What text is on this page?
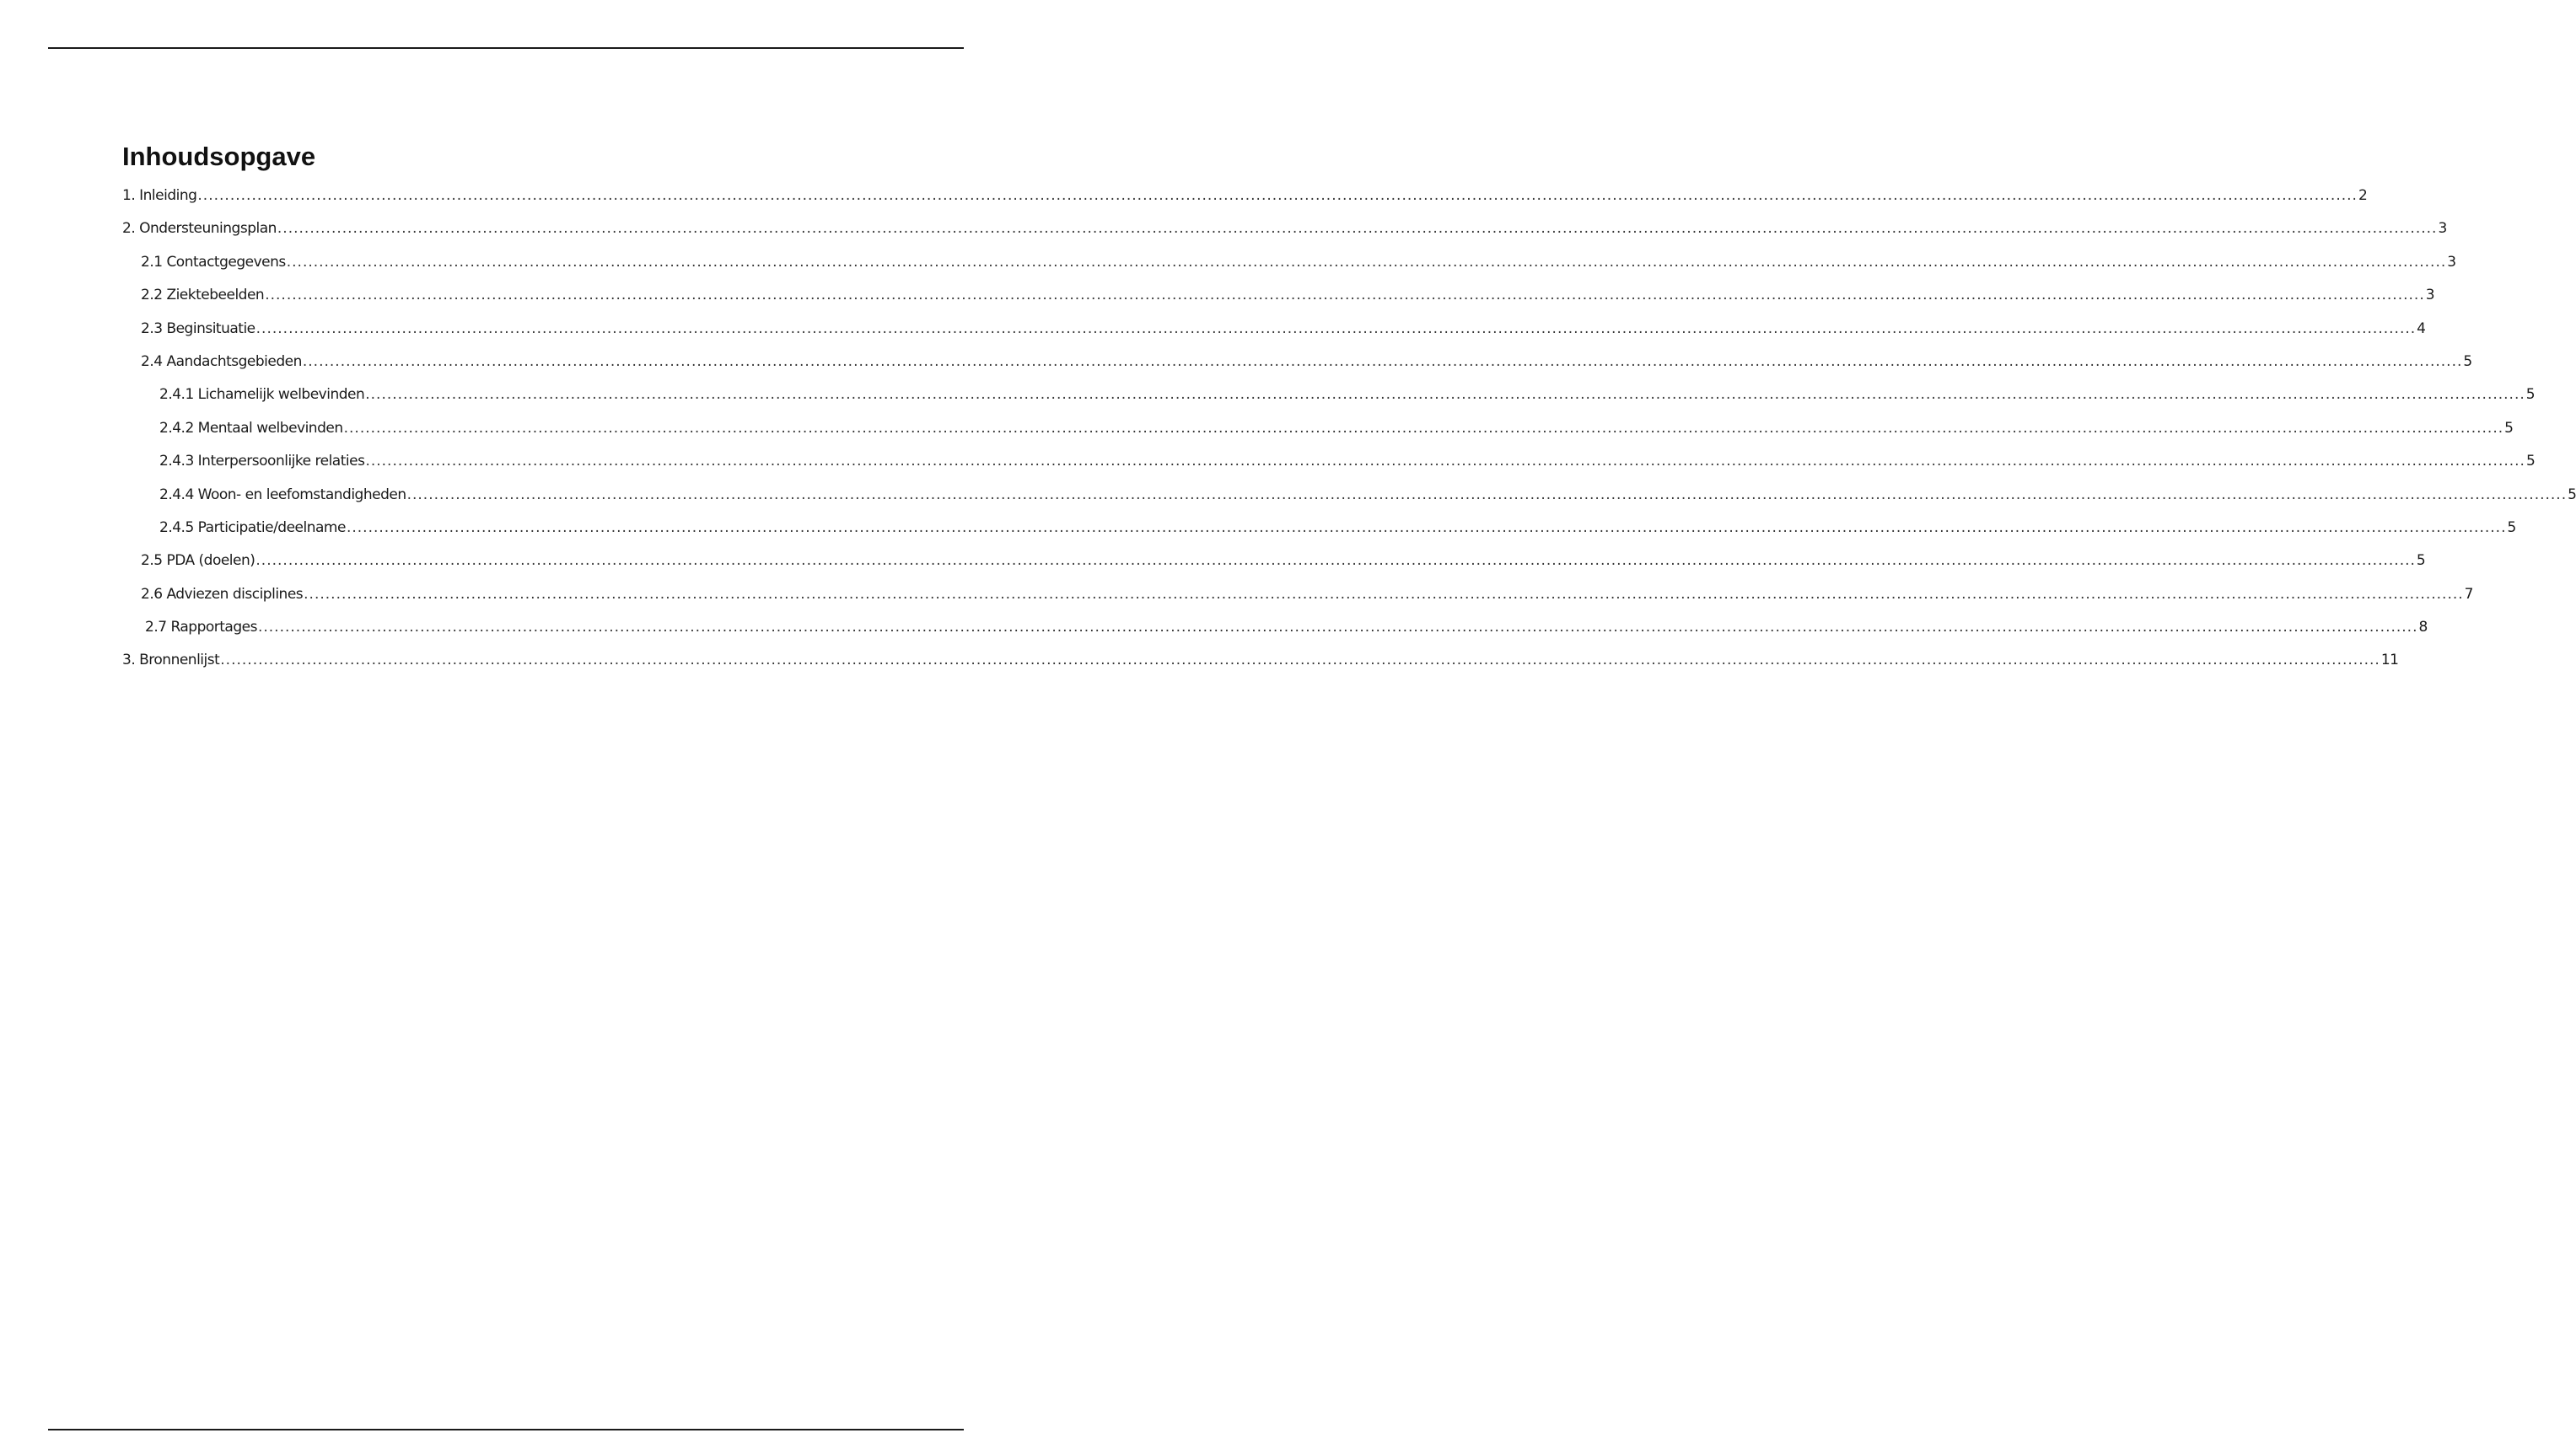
Inhoudsopgave
1. Inleiding ................................................................................................................................................................................................................................................................................................................................................................................................................ 2
2. Ondersteuningsplan ................................................................................................................................................................................................................................................................................................................................................................................................................ 3
2.1 Contactgegevens ................................................................................................................................................................................................................................................................................................................................................................................................................ 3
2.2 Ziektebeelden ................................................................................................................................................................................................................................................................................................................................................................................................................ 3
2.3 Beginsituatie ................................................................................................................................................................................................................................................................................................................................................................................................................ 4
2.4 Aandachtsgebieden ................................................................................................................................................................................................................................................................................................................................................................................................................ 5
2.4.1 Lichamelijk welbevinden ................................................................................................................................................................................................................................................................................................................................................................................................................ 5
2.4.2 Mentaal welbevinden ................................................................................................................................................................................................................................................................................................................................................................................................................ 5
2.4.3 Interpersoonlijke relaties ................................................................................................................................................................................................................................................................................................................................................................................................................ 5
2.4.4 Woon- en leefomstandigheden ................................................................................................................................................................................................................................................................................................................................................................................................................ 5
2.4.5 Participatie/deelname ................................................................................................................................................................................................................................................................................................................................................................................................................ 5
2.5 PDA (doelen) ................................................................................................................................................................................................................................................................................................................................................................................................................ 5
2.6 Adviezen disciplines ................................................................................................................................................................................................................................................................................................................................................................................................................ 7
2.7 Rapportages ................................................................................................................................................................................................................................................................................................................................................................................................................ 8
3. Bronnenlijst ................................................................................................................................................................................................................................................................................................................................................................................................................ 11
